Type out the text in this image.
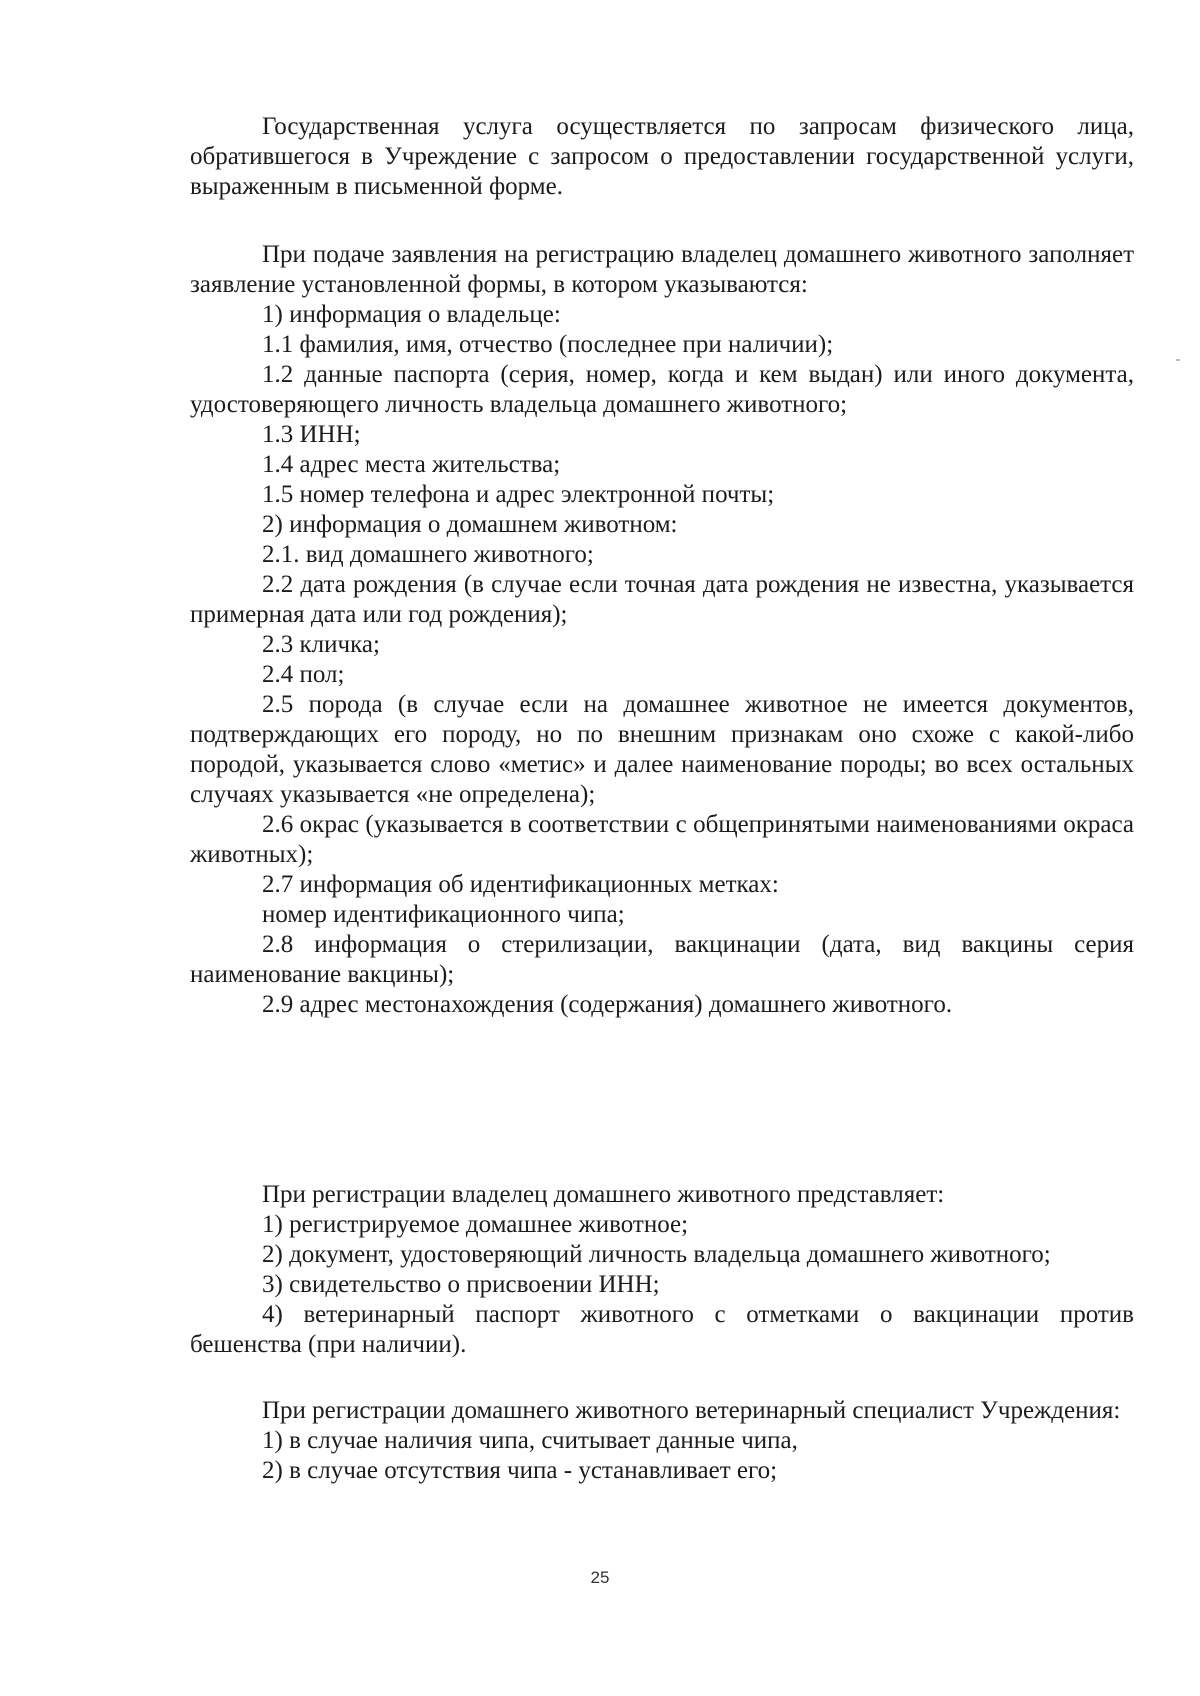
Государственная услуга осуществляется по запросам физического лица, обратившегося в Учреждение с запросом о предоставлении государственной услуги, выраженным в письменной форме.

При подаче заявления на регистрацию владелец домашнего животного заполняет заявление установленной формы, в котором указываются:

1) информация о владельце:

1.1 фамилия, имя, отчество (последнее при наличии);

1.2 данные паспорта (серия, номер, когда и кем выдан) или иного документа, удостоверяющего личность владельца домашнего животного;

1.3 ИНН;

1.4 адрес места жительства;

1.5 номер телефона и адрес электронной почты;

2) информация о домашнем животном:

2.1. вид домашнего животного;

2.2 дата рождения (в случае если точная дата рождения не известна, указывается примерная дата или год рождения);

2.3 кличка;

2.4 пол;

2.5 порода (в случае если на домашнее животное не имеется документов, подтверждающих его породу, но по внешним признакам оно схоже с какой-либо породой, указывается слово «метис» и далее наименование породы; во всех остальных случаях указывается «не определена);

2.6 окрас (указывается в соответствии с общепринятыми наименованиями окраса животных);

2.7 информация об идентификационных метках:

номер идентификационного чипа;

2.8 информация о стерилизации, вакцинации (дата, вид вакцины серия наименование вакцины);

2.9 адрес местонахождения (содержания) домашнего животного.

При регистрации владелец домашнего животного представляет:

1) регистрируемое домашнее животное;

2) документ, удостоверяющий личность владельца домашнего животного;

3) свидетельство о присвоении ИНН;

4) ветеринарный паспорт животного с отметками о вакцинации против бешенства (при наличии).

При регистрации домашнего животного ветеринарный специалист Учреждения:

1) в случае наличия чипа, считывает данные чипа,

2) в случае отсутствия чипа - устанавливает его;

25
